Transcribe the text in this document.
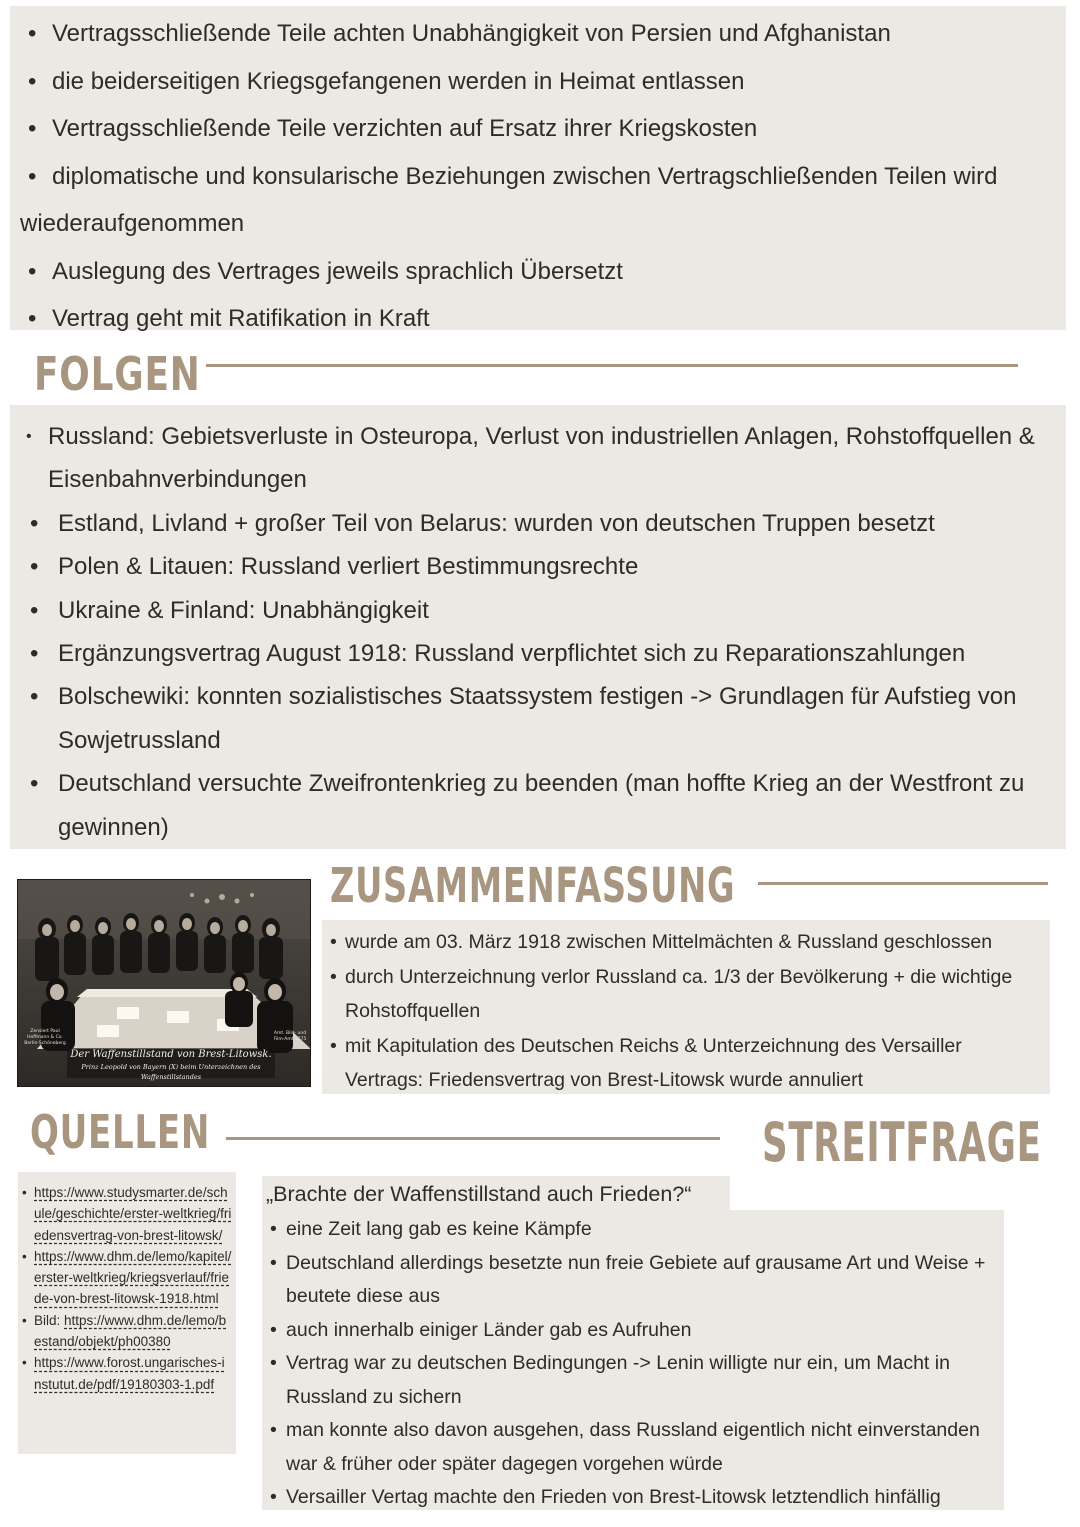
• Vertragsschließende Teile achten Unabhängigkeit von Persien und Afghanistan
• die beiderseitigen Kriegsgefangenen werden in Heimat entlassen
• Vertragsschließende Teile verzichten auf Ersatz ihrer Kriegskosten
• diplomatische und konsularische Beziehungen zwischen Vertragschließenden Teilen wird wiederaufgenommen
• Auslegung des Vertrages jeweils sprachlich Übersetzt
• Vertrag geht mit Ratifikation in Kraft
FOLGEN
• Russland: Gebietsverluste in Osteuropa, Verlust von industriellen Anlagen, Rohstoffquellen & Eisenbahnverbindungen
• Estland, Livland + großer Teil von Belarus: wurden von deutschen Truppen besetzt
• Polen & Litauen: Russland verliert Bestimmungsrechte
• Ukraine & Finland: Unabhängigkeit
• Ergänzungsvertrag August 1918: Russland verpflichtet sich zu Reparationszahlungen
• Bolschewiki: konnten sozialistisches Staatssystem festigen -> Grundlagen für Aufstieg von Sowjetrussland
• Deutschland versuchte Zweifrontenkrieg zu beenden (man hoffte Krieg an der Westfront zu gewinnen)
Zensiert Paul Hoffmann & Co. Berlin-Schöneberg
Amt. Bild- und Film-Amt 1775
Der Waffenstillstand von Brest-Litowsk.
Prinz Leopold von Bayern (X) beim Unterzeichnen des Waffenstillstandes
ZUSAMMENFASSUNG
• wurde am 03. März 1918 zwischen Mittelmächten & Russland geschlossen
• durch Unterzeichnung verlor Russland ca. 1/3 der Bevölkerung + die wichtige Rohstoffquellen
• mit Kapitulation des Deutschen Reichs & Unterzeichnung des Versailler Vertrags: Friedensvertrag von Brest-Litowsk wurde annuliert
QUELLEN
• https://www.studysmarter.de/schule/geschichte/erster-weltkrieg/friedensvertrag-von-brest-litowsk/
• https://www.dhm.de/lemo/kapitel/erster-weltkrieg/kriegsverlauf/friede-von-brest-litowsk-1918.html
• Bild: https://www.dhm.de/lemo/bestand/objekt/ph00380
• https://www.forost.ungarisches-instutut.de/pdf/19180303-1.pdf
STREITFRAGE
„Brachte der Waffenstillstand auch Frieden?“
• eine Zeit lang gab es keine Kämpfe
• Deutschland allerdings besetzte nun freie Gebiete auf grausame Art und Weise + beutete diese aus
• auch innerhalb einiger Länder gab es Aufruhen
• Vertrag war zu deutschen Bedingungen -> Lenin willigte nur ein, um Macht in Russland zu sichern
• man konnte also davon ausgehen, dass Russland eigentlich nicht einverstanden war & früher oder später dagegen vorgehen würde
• Versailler Vertag machte den Frieden von Brest-Litowsk letztendlich hinfällig
